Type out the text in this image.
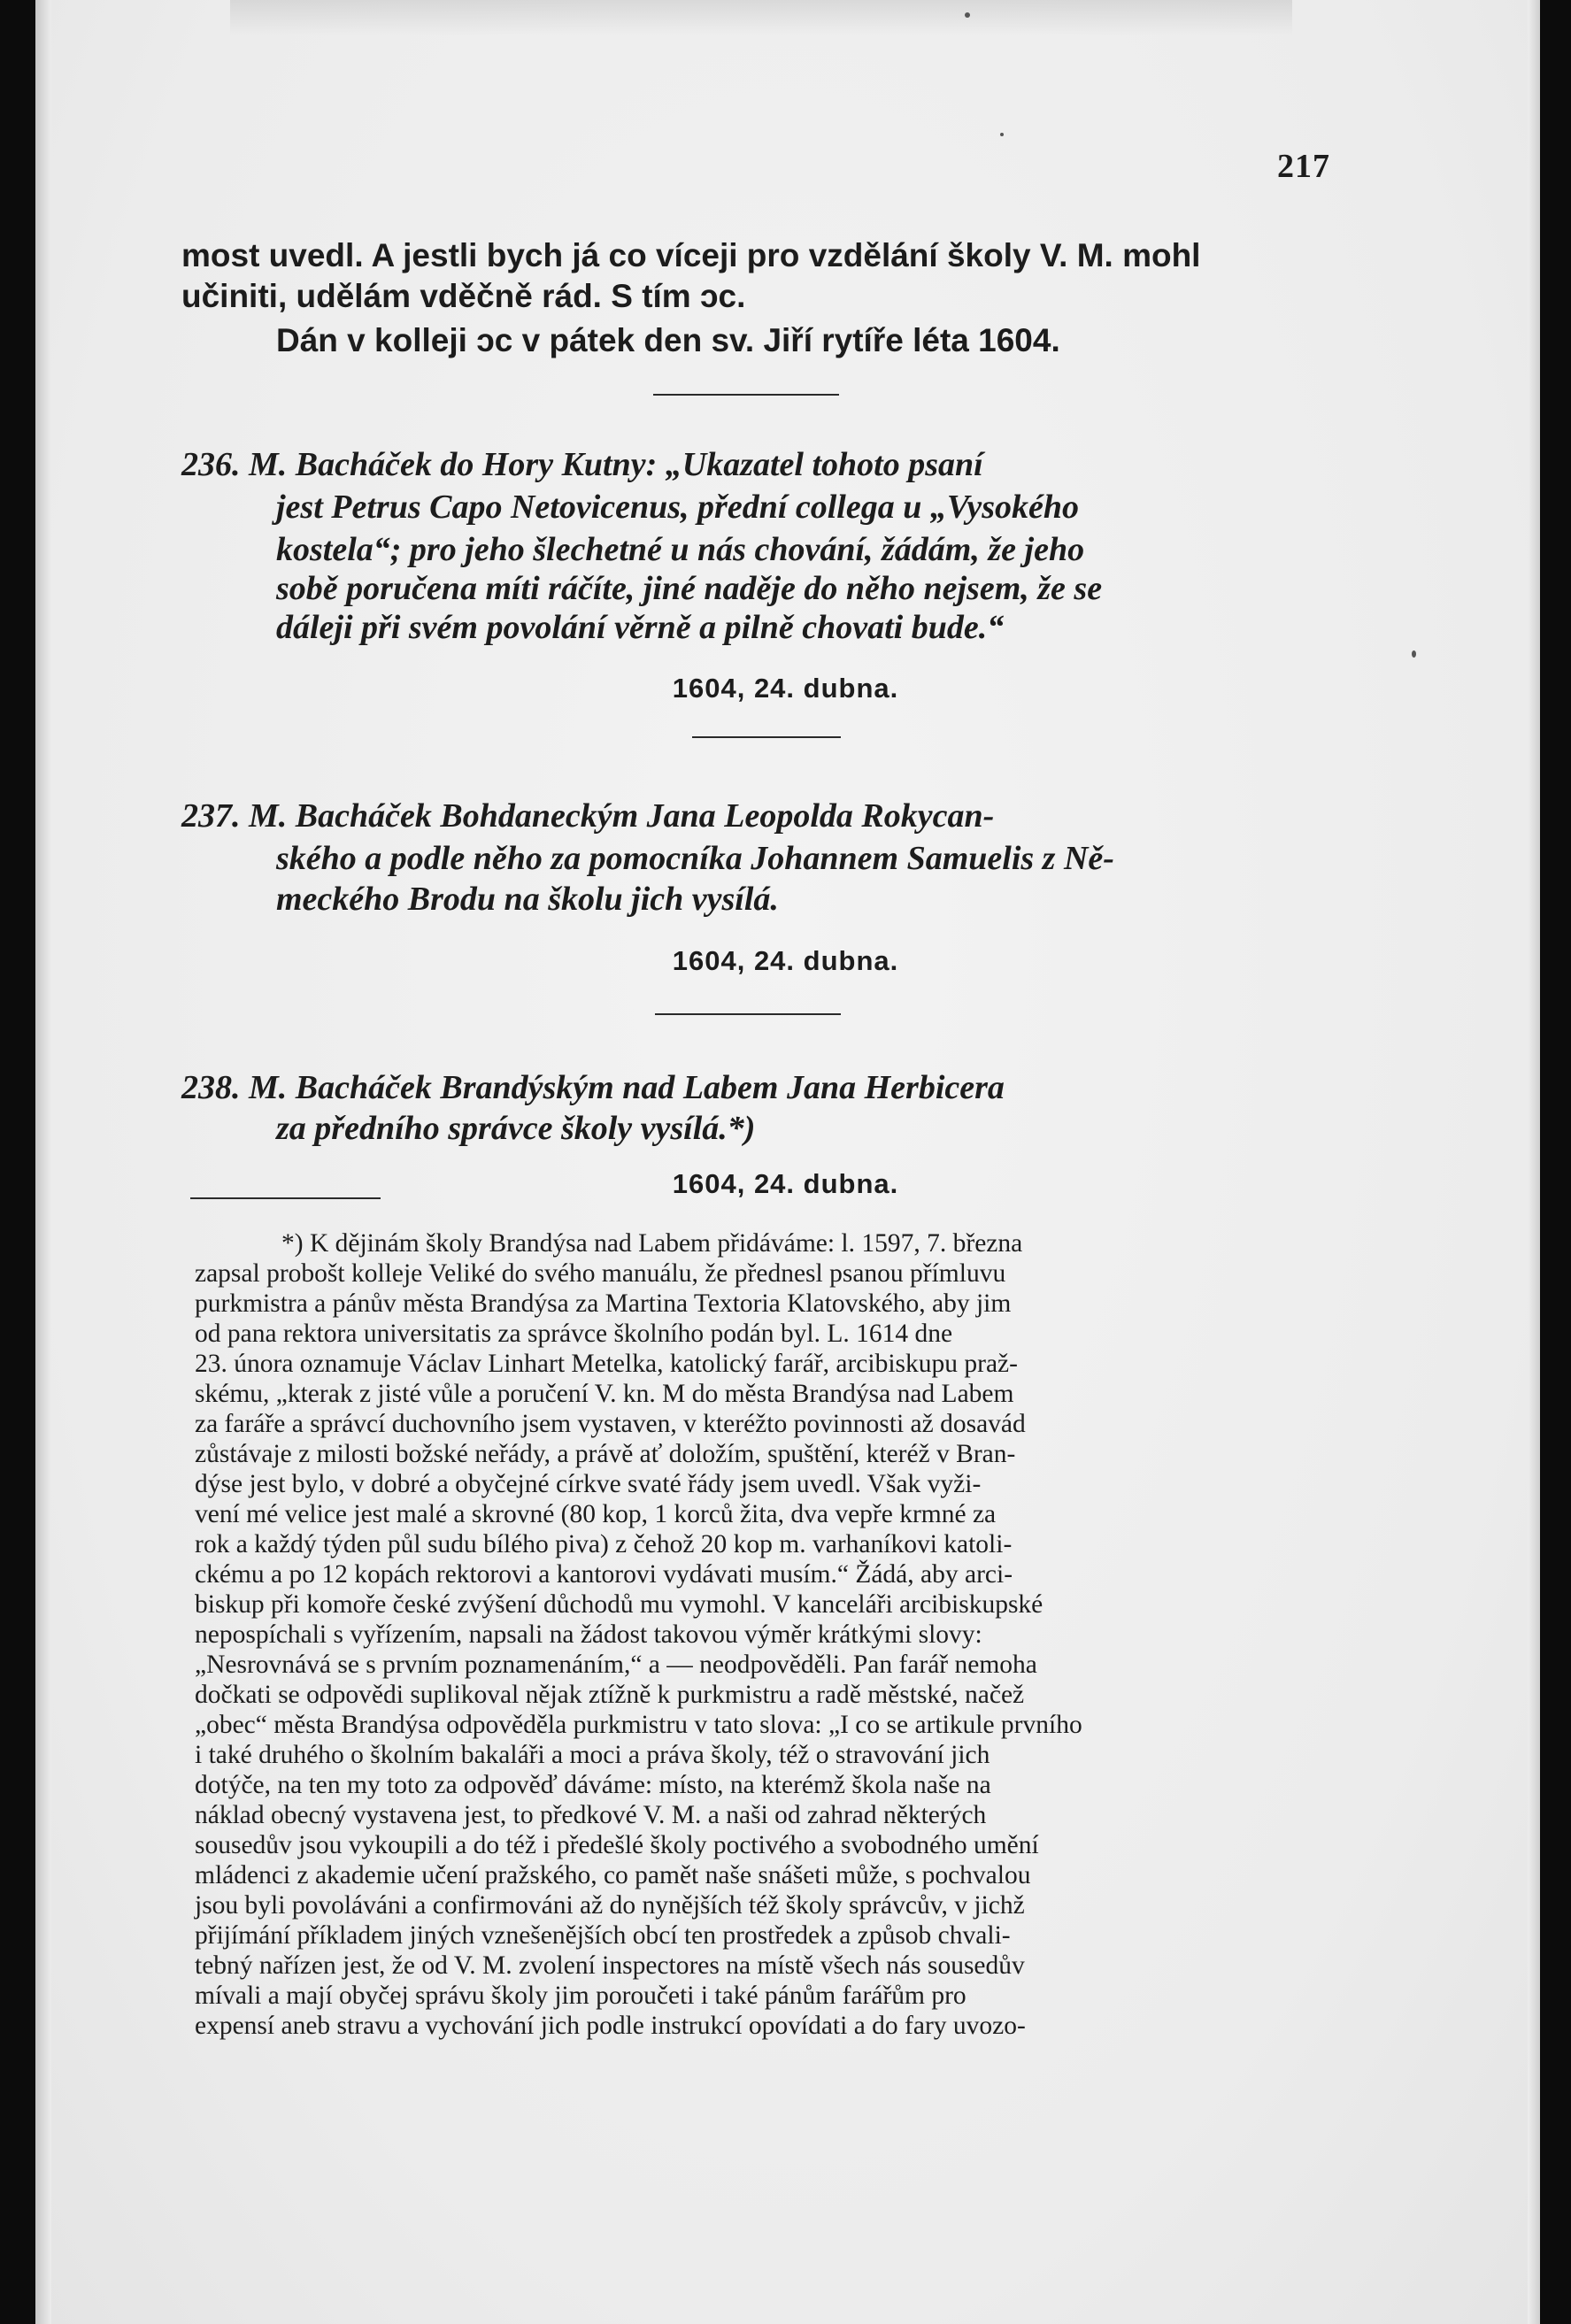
217
most uvedl. A jestli bych já co víceji pro vzdělání školy V. M. mohl
učiniti, udělám vděčně rád. S tím ͻc.
Dán v kolleji ͻc v pátek den sv. Jiří rytíře léta 1604.
236. M. Bacháček do Hory Kutny: „Ukazatel tohoto psaní
jest Petrus Capo Netovicenus, přední collega u „Vysokého
kostela“; pro jeho šlechetné u nás chování, žádám, že jeho
sobě poručena míti ráčíte, jiné naděje do něho nejsem, že se
dáleji při svém povolání věrně a pilně chovati bude.“
1604, 24. dubna.
237. M. Bacháček Bohdaneckým Jana Leopolda Rokycan-
ského a podle něho za pomocníka Johannem Samuelis z Ně-
meckého Brodu na školu jich vysílá.
1604, 24. dubna.
238. M. Bacháček Brandýským nad Labem Jana Herbicera
za předního správce školy vysílá.*)
1604, 24. dubna.
*) K dějinám školy Brandýsa nad Labem přidáváme: l. 1597, 7. března
zapsal probošt kolleje Veliké do svého manuálu, že přednesl psanou přímluvu
purkmistra a pánův města Brandýsa za Martina Textoria Klatovského, aby jim
od pana rektora universitatis za správce školního podán byl. L. 1614 dne
23. února oznamuje Václav Linhart Metelka, katolický farář, arcibiskupu praž-
skému, „kterak z jisté vůle a poručení V. kn. M do města Brandýsa nad Labem
za faráře a správcí duchovního jsem vystaven, v kteréžto povinnosti až dosavád
zůstávaje z milosti božské neřády, a právě ať doložím, spuštění, kteréž v Bran-
dýse jest bylo, v dobré a obyčejné církve svaté řády jsem uvedl. Však vyži-
vení mé velice jest malé a skrovné (80 kop, 1 korců žita, dva vepře krmné za
rok a každý týden půl sudu bílého piva) z čehož 20 kop m. varhaníkovi katoli-
ckému a po 12 kopách rektorovi a kantorovi vydávati musím.“ Žádá, aby arci-
biskup při komoře české zvýšení důchodů mu vymohl. V kanceláři arcibiskupské
nepospíchali s vyřízením, napsali na žádost takovou výměr krátkými slovy:
„Nesrovnává se s prvním poznamenáním,“ a — neodpověděli. Pan farář nemoha
dočkati se odpovědi suplikoval nějak ztížně k purkmistru a radě městské, načež
„obec“ města Brandýsa odpověděla purkmistru v tato slova: „I co se artikule prvního
i také druhého o školním bakaláři a moci a práva školy, též o stravování jich
dotýče, na ten my toto za odpověď dáváme: místo, na kterémž škola naše na
náklad obecný vystavena jest, to předkové V. M. a naši od zahrad některých
sousedův jsou vykoupili a do též i předešlé školy poctivého a svobodného umění
mládenci z akademie učení pražského, co pamět naše snášeti může, s pochvalou
jsou byli povoláváni a confirmováni až do nynějších též školy správcův, v jichž
přijímání příkladem jiných vznešenějších obcí ten prostředek a způsob chvali-
tebný nařízen jest, že od V. M. zvolení inspectores na místě všech nás sousedův
mívali a mají obyčej správu školy jim poroučeti i také pánům farářům pro
expensí aneb stravu a vychování jich podle instrukcí opovídati a do fary uvozo-
